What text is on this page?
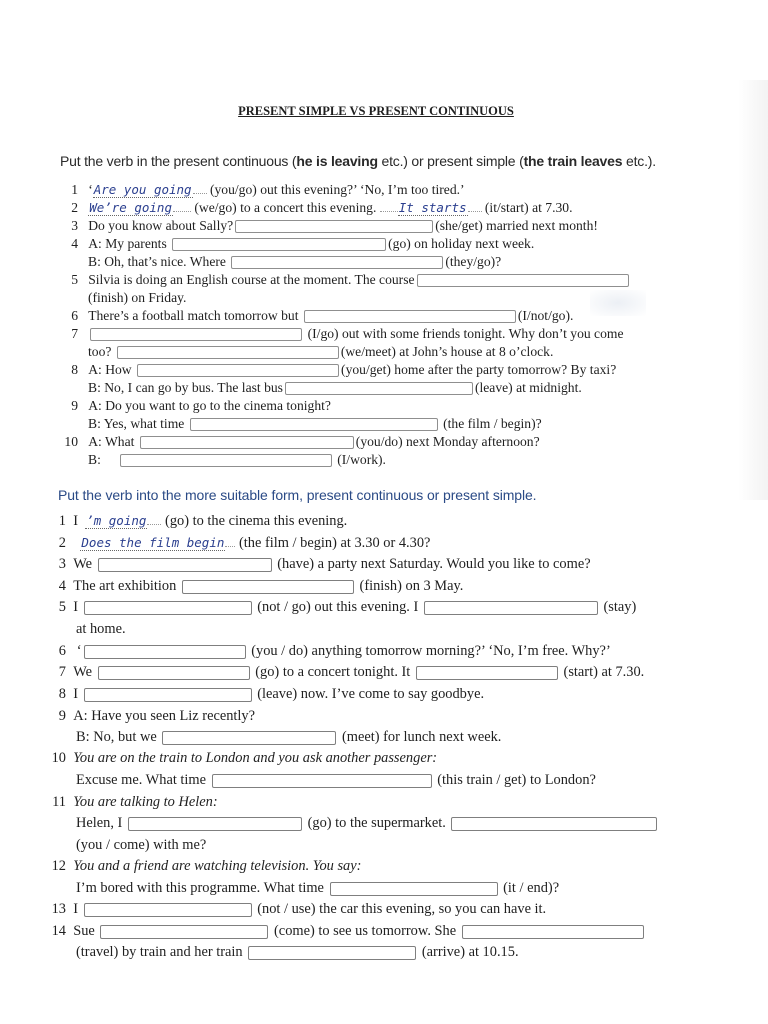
PRESENT SIMPLE VS PRESENT CONTINUOUS
Put the verb in the present continuous (he is leaving etc.) or present simple (the train leaves etc.).
1 ‘Are you going (you/go) out this evening?’ ‘No, I’m too tired.’
2 We’re going (we/go) to a concert this evening. It starts (it/start) at 7.30.
3 Do you know about Sally?	(she/get) married next month!
4 A: My parents	(go) on holiday next week.
B: Oh, that’s nice. Where	(they/go)?
5 Silvia is doing an English course at the moment. The course
(finish) on Friday.
6 There’s a football match tomorrow but	(I/not/go).
7	(I/go) out with some friends tonight. Why don’t you come
too?	(we/meet) at John’s house at 8 o’clock.
8 A: How	(you/get) home after the party tomorrow? By taxi?
B: No, I can go by bus. The last bus	(leave) at midnight.
9 A: Do you want to go to the cinema tonight?
B: Yes, what time	(the film / begin)?
10 A: What	(you/do) next Monday afternoon?
B:	(I/work).
Put the verb into the more suitable form, present continuous or present simple.
1 I ’m going (go) to the cinema this evening.
2 Does the film begin (the film / begin) at 3.30 or 4.30?
3 We	(have) a party next Saturday. Would you like to come?
4 The art exhibition	(finish) on 3 May.
5 I	(not / go) out this evening. I	(stay)
at home.
6 ‘	(you / do) anything tomorrow morning?’ ‘No, I’m free. Why?’
7 We	(go) to a concert tonight. It	(start) at 7.30.
8 I	(leave) now. I’ve come to say goodbye.
9 A: Have you seen Liz recently?
B: No, but we	(meet) for lunch next week.
10 You are on the train to London and you ask another passenger:
Excuse me. What time	(this train / get) to London?
11 You are talking to Helen:
Helen, I	(go) to the supermarket.
(you / come) with me?
12 You and a friend are watching television. You say:
I’m bored with this programme. What time	(it / end)?
13 I	(not / use) the car this evening, so you can have it.
14 Sue	(come) to see us tomorrow. She
(travel) by train and her train	(arrive) at 10.15.
